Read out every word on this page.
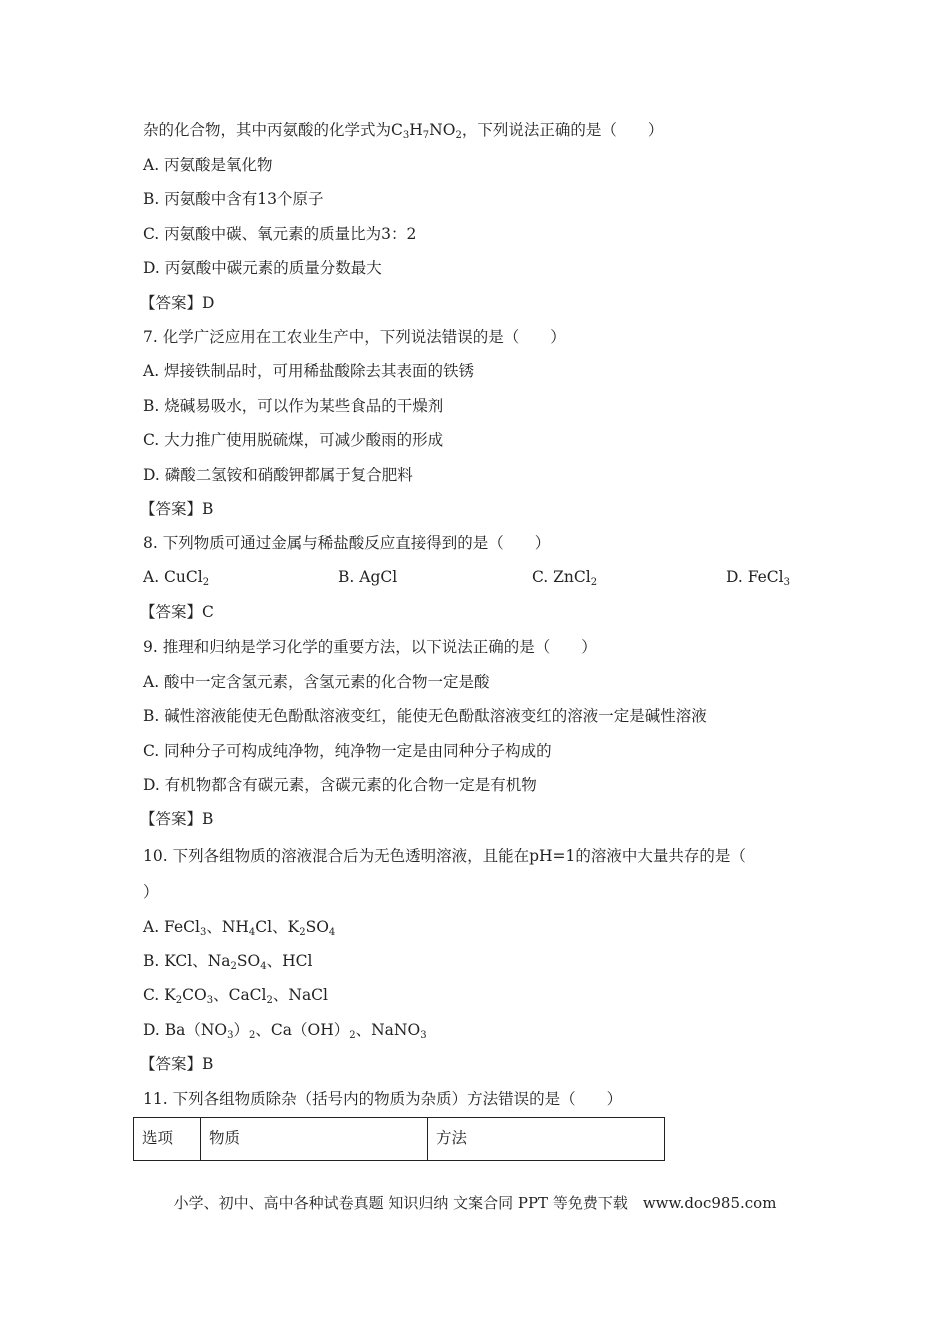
杂的化合物，其中丙氨酸的化学式为$C_3H_7NO_2$，下列说法正确的是（　　）
A. 丙氨酸是氧化物
B. 丙氨酸中含有13个原子
C. 丙氨酸中碳、氧元素的质量比为3：2
D. 丙氨酸中碳元素的质量分数最大
【答案】D
7. 化学广泛应用在工农业生产中，下列说法错误的是（　　）
A. 焊接铁制品时，可用稀盐酸除去其表面的铁锈
B. 烧碱易吸水，可以作为某些食品的干燥剂
C. 大力推广使用脱硫煤，可减少酸雨的形成
D. 磷酸二氢铵和硝酸钾都属于复合肥料
【答案】B
8. 下列物质可通过金属与稀盐酸反应直接得到的是（　　）
A. CuCl$_2$	B. AgCl	C. ZnCl$_2$	D. FeCl$_3$
【答案】C
9. 推理和归纳是学习化学的重要方法，以下说法正确的是（　　）
A. 酸中一定含氢元素，含氢元素的化合物一定是酸
B. 碱性溶液能使无色酚酞溶液变红，能使无色酚酞溶液变红的溶液一定是碱性溶液
C. 同种分子可构成纯净物，纯净物一定是由同种分子构成的
D. 有机物都含有碳元素，含碳元素的化合物一定是有机物
【答案】B
10. 下列各组物质的溶液混合后为无色透明溶液，且能在pH=1的溶液中大量共存的是（
）
A. FeCl$_3$、$NH_4Cl$、$K_2SO_4$
B. KCl、$Na_2SO_4$、HCl
C. $K_2CO_3$、CaCl$_2$、NaCl
D. $Ba(NO_3)_2$、$Ca(OH)_2$、NaNO$_3$
【答案】B
11. 下列各组物质除杂（括号内的物质为杂质）方法错误的是（　　）
选项	物质	方法
小学、初中、高中各种试卷真题 知识归纳 文案合同 PPT 等免费下载　www.doc985.com
